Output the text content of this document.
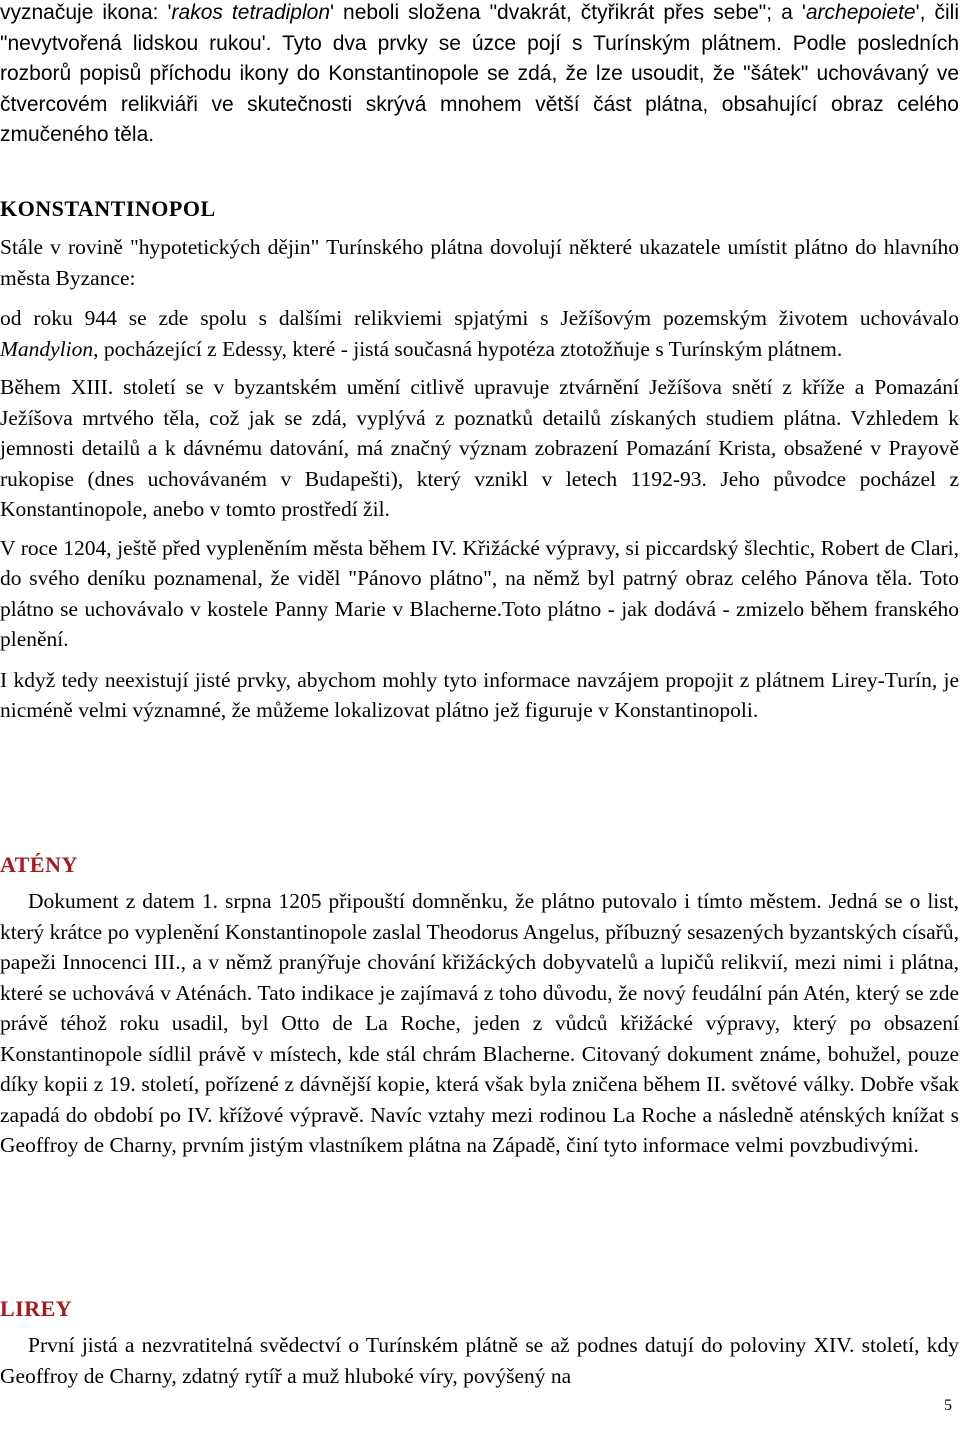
vyznačuje ikona: 'rakos tetradiplon' neboli složena "dvakrát, čtyřikrát přes sebe"; a 'archepoiete', čili "nevytvořená lidskou rukou'. Tyto dva prvky se úzce pojí s Turínským plátnem. Podle posledních rozborů popisů příchodu ikony do Konstantinopole se zdá, že lze usoudit, že "šátek" uchovávaný ve čtvercovém relikviáři ve skutečnosti skrývá mnohem větší část plátna, obsahující obraz celého zmučeného těla.

KONSTANTINOPOL

Stále v rovině "hypotetických dějin" Turínského plátna dovolují některé ukazatele umístit plátno do hlavního města Byzance:

od roku 944 se zde spolu s dalšími relikviemi spjatými s Ježíšovým pozemským životem uchovávalo Mandylion, pocházející z Edessy, které - jistá současná hypotéza ztotožňuje s Turínským plátnem.

Během XIII. století se v byzantském umění citlivě upravuje ztvárnění Ježíšova snětí z kříže a Pomazání Ježíšova mrtvého těla, což jak se zdá, vyplývá z poznatků detailů získaných studiem plátna. Vzhledem k jemnosti detailů a k dávnému datování, má značný význam zobrazení Pomazání Krista, obsažené v Prayově rukopise (dnes uchovávaném v Budapešti), který vznikl v letech 1192-93. Jeho původce pocházel z Konstantinopole, anebo v tomto prostředí žil.

V roce 1204, ještě před vypleněním města během IV. Křižácké výpravy, si piccardský šlechtic, Robert de Clari, do svého deníku poznamenal, že viděl "Pánovo plátno", na němž byl patrný obraz celého Pánova těla. Toto plátno se uchovávalo v kostele Panny Marie v Blacherne.Toto plátno - jak dodává - zmizelo během franského plenění.

I když tedy neexistují jisté prvky, abychom mohly tyto informace navzájem propojit z plátnem Lirey-Turín, je nicméně velmi významné, že můžeme lokalizovat plátno jež figuruje v Konstantinopoli.

ATÉNY

Dokument z datem 1. srpna 1205 připouští domněnku, že plátno putovalo i tímto městem. Jedná se o list, který krátce po vyplenění Konstantinopole zaslal Theodorus Angelus, příbuzný sesazených byzantských císařů, papeži Innocenci III., a v němž pranýřuje chování křižáckých dobyvatelů a lupičů relikvií, mezi nimi i plátna, které se uchovává v Aténách. Tato indikace je zajímavá z toho důvodu, že nový feudální pán Atén, který se zde právě téhož roku usadil, byl Otto de La Roche, jeden z vůdců křižácké výpravy, který po obsazení Konstantinopole sídlil právě v místech, kde stál chrám Blacherne. Citovaný dokument známe, bohužel, pouze díky kopii z 19. století, pořízené z dávnější kopie, která však byla zničena během II. světové války. Dobře však zapadá do období po IV. křížové výpravě. Navíc vztahy mezi rodinou La Roche a následně aténských knížat s Geoffroy de Charny, prvním jistým vlastníkem plátna na Západě, činí tyto informace velmi povzbudivými.

LIREY

První jistá a nezvratitelná svědectví o Turínském plátně se až podnes datují do poloviny XIV. století, kdy Geoffroy de Charny, zdatný rytíř a muž hluboké víry, povýšený na

5
